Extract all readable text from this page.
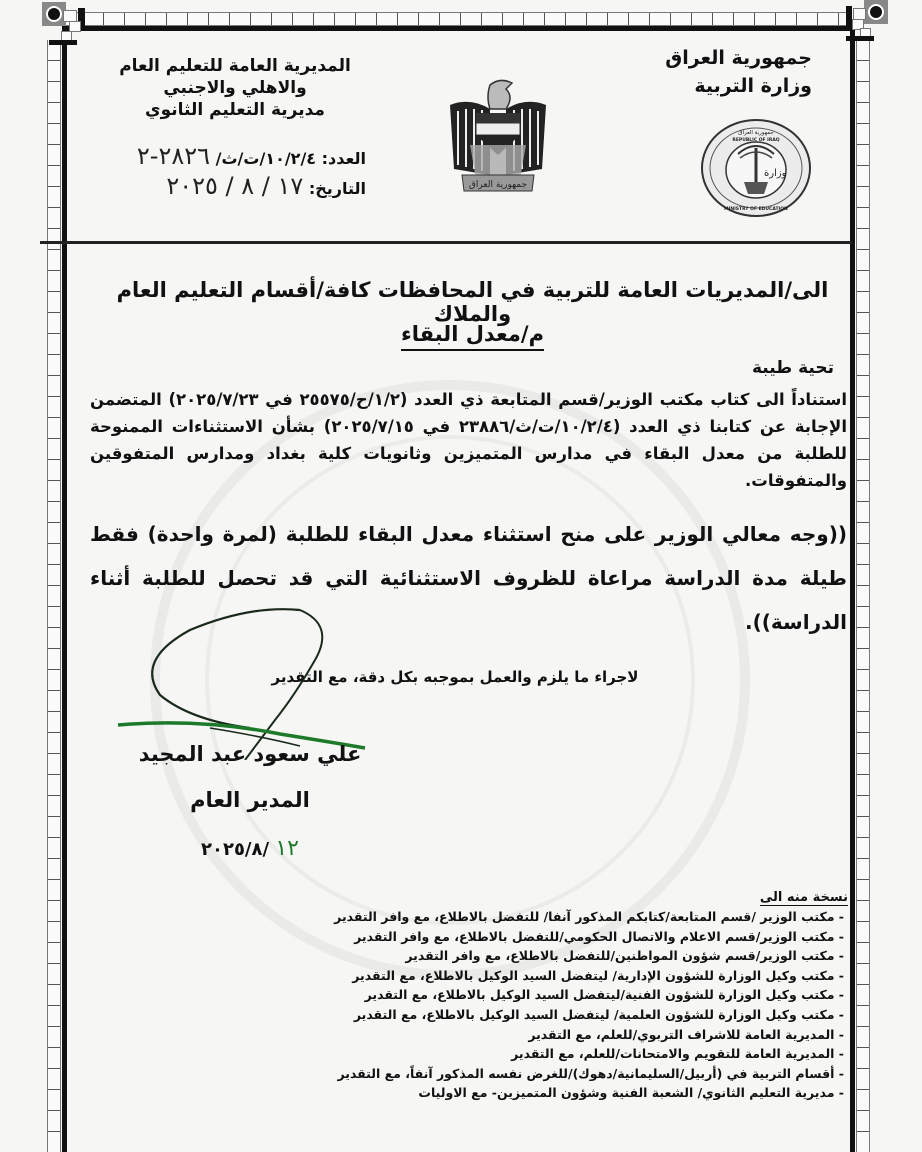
جمهورية العراق
وزارة التربية
وزارة
جمهورية العراق
REPUBLIC OF IRAQ
MINISTRY OF EDUCATION
جمهورية العراق
المديرية العامة للتعليم العام
والاهلي والاجنبي
مديرية التعليم الثانوي
العدد: ١٠/٢/٤/ت/ث/ ٢٨٢٦-٢
التاريخ: ١٧ / ٨ / ٢٠٢٥
الى/المديريات العامة للتربية في المحافظات كافة/أقسام التعليم العام والملاك
م/معدل البقاء
تحية طيبة
استناداً الى كتاب مكتب الوزير/قسم المتابعة ذي العدد (١/٢/ح/٢٥٥٧٥ في ٢٠٢٥/٧/٢٣) المتضمن الإجابة عن كتابنا ذي العدد (١٠/٢/٤/ت/ث/٢٣٨٨٦ في ٢٠٢٥/٧/١٥) بشأن الاستثناءات الممنوحة للطلبة من معدل البقاء في مدارس المتميزين وثانويات كلية بغداد ومدارس المتفوقين والمتفوقات.
((وجه معالي الوزير على منح استثناء معدل البقاء للطلبة (لمرة واحدة) فقط طيلة مدة الدراسة مراعاة للظروف الاستثنائية التي قد تحصل للطلبة أثناء الدراسة)).
لاجراء ما يلزم والعمل بموجبه بكل دقة، مع التقدير
علي سعود عبد المجيد
المدير العام
١٢ /٢٠٢٥/٨
نسخة منه الى
- مكتب الوزير /قسم المتابعة/كتابكم المذكور آنفا/ للتفضل بالاطلاع، مع وافر التقدير
- مكتب الوزير/قسم الاعلام والاتصال الحكومي/للتفضل بالاطلاع، مع وافر التقدير
- مكتب الوزير/قسم شؤون المواطنين/للتفضل بالاطلاع، مع وافر التقدير
- مكتب وكيل الوزارة للشؤون الإدارية/ ليتفضل السيد الوكيل بالاطلاع، مع التقدير
- مكتب وكيل الوزارة للشؤون الفنية/ليتفضل السيد الوكيل بالاطلاع، مع التقدير
- مكتب وكيل الوزارة للشؤون العلمية/ ليتفضل السيد الوكيل بالاطلاع، مع التقدير
- المديرية العامة للاشراف التربوي/للعلم، مع التقدير
- المديرية العامة للتقويم والامتحانات/للعلم، مع التقدير
- أقسام التربية في (أربيل/السليمانية/دهوك)/للغرض نفسه المذكور آنفاً، مع التقدير
- مديرية التعليم الثانوي/ الشعبة الفنية وشؤون المتميزين- مع الاوليات
